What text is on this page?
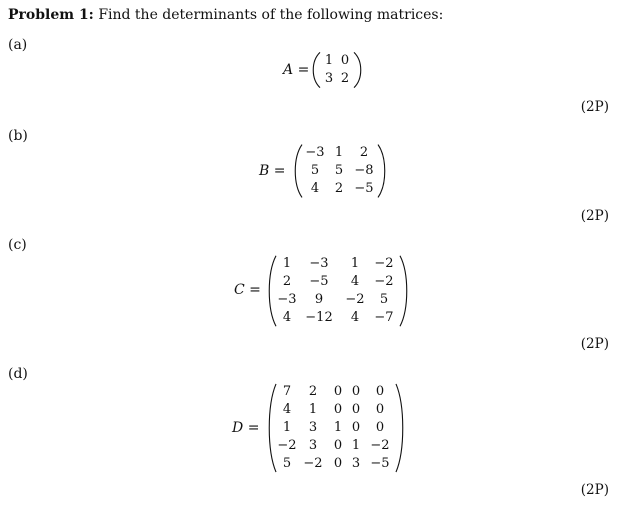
Problem 1: Find the determinants of the following matrices:
(a)
A =
1 0
3 2
(2P)
(b)
B =
−3 1	2
5	5 −8
4	2 −5
(2P)
(c)
C =
1	−3	1	−2
2	−5	4	−2
−3	9	−2	5
4	−12	4	−7
(2P)
(d)
D =
7	2	0 0	0
4	1	0 0	0
1	3	1 0	0
−2 3	0 1 −2
5 −2 0 3 −5
(2P)
